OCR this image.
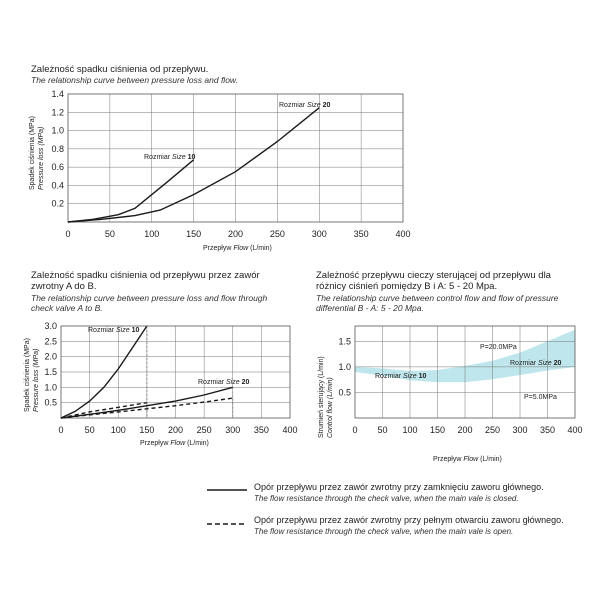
Zależność spadku ciśnienia od przepływu.
The relationship curve between pressure loss and flow.
Zależność spadku ciśnienia od przepływu przez zawór
zwrotny A do B.
The relationship curve between pressure loss and flow through
check valve A to B.
Zależność przepływu cieczy sterującej od przepływu dla
różnicy ciśnień pomiędzy B i A: 5 - 20 Mpa.
The relationship curve between control flow and flow of pressure
differential B - A: 5 - 20 Mpa.
0	50	100	150	200	250	300	350	400
0.2
0.4
0.6
0.8
1.0
1.2
1.4
Przepływ Flow (L/min)
Spadek ciśnienia (MPa) Pressure loss (MPa)	Rozmiar Size 10
Rozmiar Size 20
0 50 100 150 200 250 300 350 400
0.5
1.0
1.5
2.0
2.5
3.0
Przepływ Flow (L/min)
Spadek ciśnienia (MPa) Pressure loss (MPa)
Rozmiar Size 10
Rozmiar Size 20
0 50 100 150 200 250 300 350 400
0.5
1.0
1.5
Przepływ Flow (L/min)
Strumień sterujący (L/min) Control flow (L/min)
P=20.0MPa
P=5.0MPa
Rozmiar Size 10
Rozmiar Size 20
Opór przepływu przez zawór zwrotny przy zamknięciu zaworu głównego.
The flow resistance through the check valve, when the main vale is closed.
Opór przepływu przez zawór zwrotny przy pełnym otwarciu zaworu głównego.
The flow resistance through the check valve, when the main vale is open.
